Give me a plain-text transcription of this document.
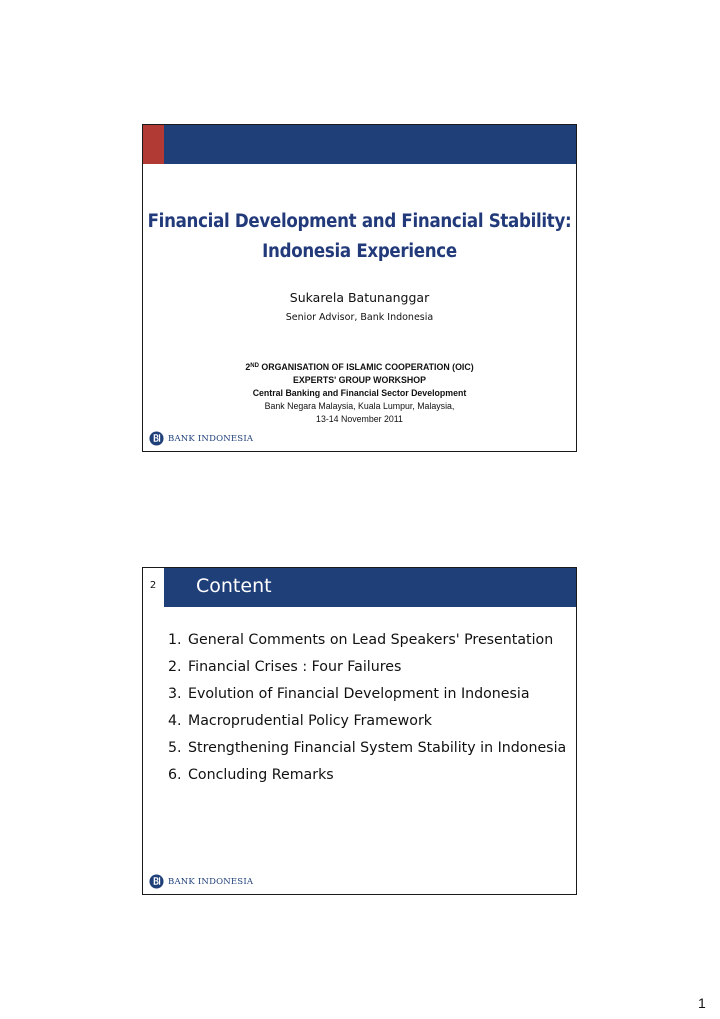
Financial Development and Financial Stability:
Indonesia Experience
Sukarela Batunanggar
Senior Advisor, Bank Indonesia
2ND ORGANISATION OF ISLAMIC COOPERATION (OIC)
EXPERTS' GROUP WORKSHOP
Central Banking and Financial Sector Development
Bank Negara Malaysia, Kuala Lumpur, Malaysia,
13-14 November 2011
BANK INDONESIA
2 Content
1. General Comments on Lead Speakers' Presentation
2. Financial Crises : Four Failures
3. Evolution of Financial Development in Indonesia
4. Macroprudential Policy Framework
5. Strengthening Financial System Stability in Indonesia
6. Concluding Remarks
BANK INDONESIA
1
